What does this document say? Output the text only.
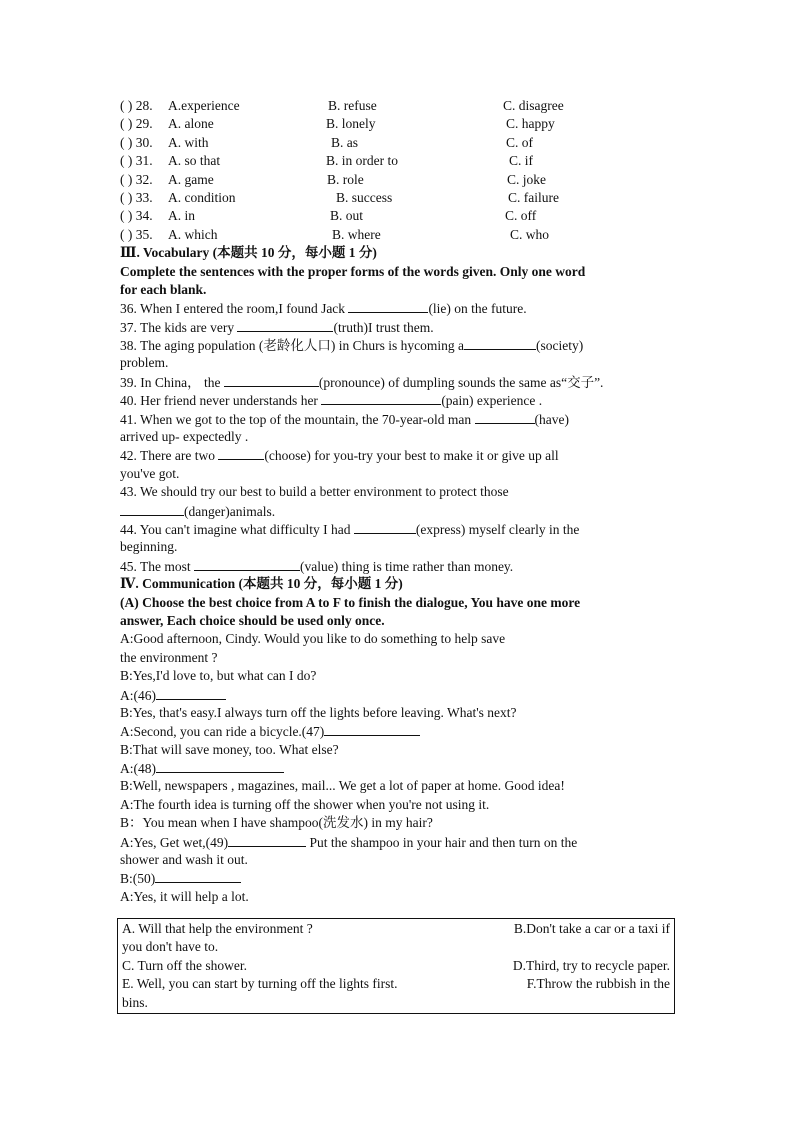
( ) 28. A.experience	B. refuse	C. disagree
( ) 29. A. alone	B. lonely	C. happy
( ) 30. A. with	B. as	C. of
( ) 31. A. so that	B. in order to	C. if
( ) 32. A. game	B. role	C. joke
( ) 33. A. condition	B. success	C. failure
( ) 34. A. in	B. out	C. off
( ) 35. A. which	B. where	C. who
Ⅲ. Vocabulary (本题共 10 分，每小题 1 分)
Complete the sentences with the proper forms of the words given. Only one word
for each blank.
36. When I entered the room,I found Jack	(lie) on the future.
37. The kids are very	(truth)I trust them.
38. The aging population (老龄化人口) in Churs is hycoming a	(society)
problem.
39. In China， the	(pronounce) of dumpling sounds the same as“交子”.
40. Her friend never understands her	(pain) experience .
41. When we got to the top of the mountain, the 70-year-old man	(have)
arrived up- expectedly .
42. There are two	(choose) for you-try your best to make it or give up all
you've got.
43. We should try our best to build a better environment to protect those
(danger)animals.
44. You can't imagine what difficulty I had	(express) myself clearly in the
beginning.
45. The most	(value) thing is time rather than money.
Ⅳ. Communication (本题共 10 分，每小题 1 分)
(A) Choose the best choice from A to F to finish the dialogue, You have one more
answer, Each choice should be used only once.
A:Good afternoon, Cindy. Would you like to do something to help save
the environment ?
B:Yes,I'd love to, but what can I do?
A:(46)
B:Yes, that's easy.I always turn off the lights before leaving. What's next?
A:Second, you can ride a bicycle.(47)
B:That will save money, too. What else?
A:(48)
B:Well, newspapers , magazines, mail... We get a lot of paper at home. Good idea!
A:The fourth idea is turning off the shower when you're not using it.
B：You mean when I have shampoo(洗发水) in my hair?
A:Yes, Get wet,(49)	Put the shampoo in your hair and then turn on the
shower and wash it out.
B:(50)
A:Yes, it will help a lot.
A. Will that help the environment ?	B.Don't take a car or a taxi if
you don't have to.
C. Turn off the shower.	D.Third, try to recycle paper.
E. Well, you can start by turning off the lights first.	F.Throw the rubbish in the
bins.
